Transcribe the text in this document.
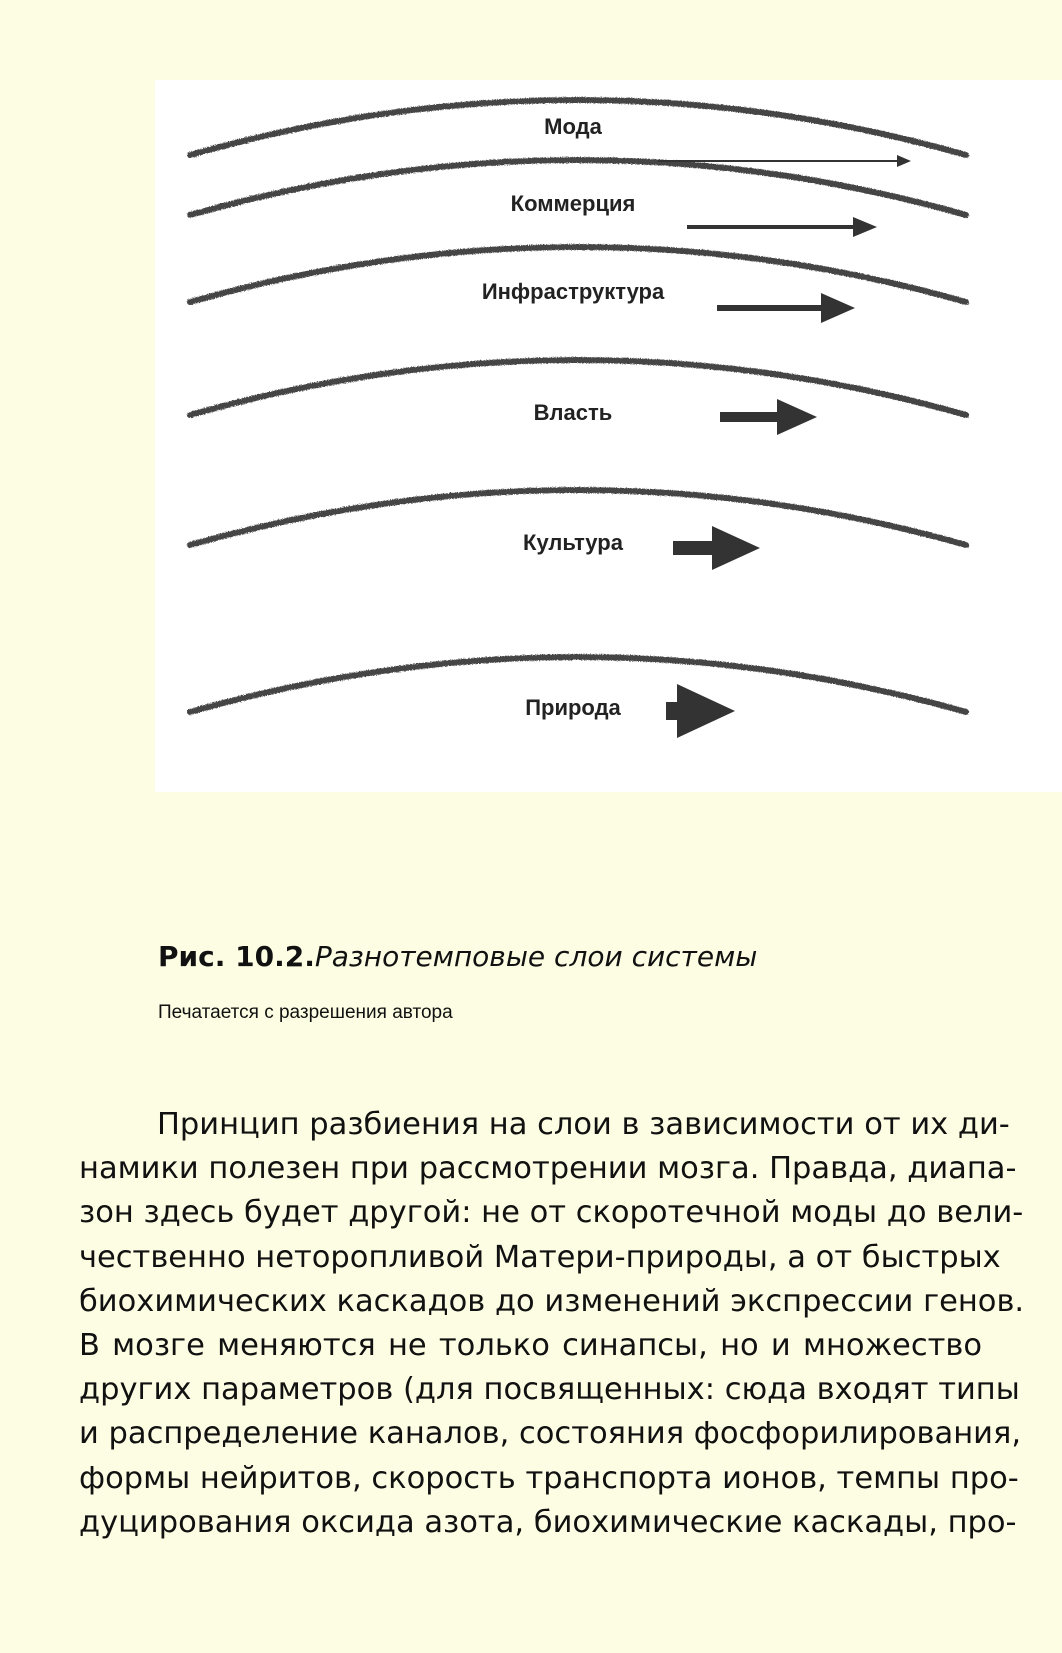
Мода
Коммерция
Инфраструктура
Власть
Культура
Природа
Рис. 10.2.Разнотемповые слои системы
Печатается с разрешения автора
Принцип разбиения на слои в зависимости от их ди-
намики полезен при рассмотрении мозга. Правда, диапа-
зон здесь будет другой: не от скоротечной моды до вели-
чественно неторопливой Матери-природы, а от быстрых
биохимических каскадов до изменений экспрессии генов.
В мозге меняются не только синапсы, но и множество
других параметров (для посвященных: сюда входят типы
и распределение каналов, состояния фосфорилирования,
формы нейритов, скорость транспорта ионов, темпы про-
дуцирования оксида азота, биохимические каскады, про-
